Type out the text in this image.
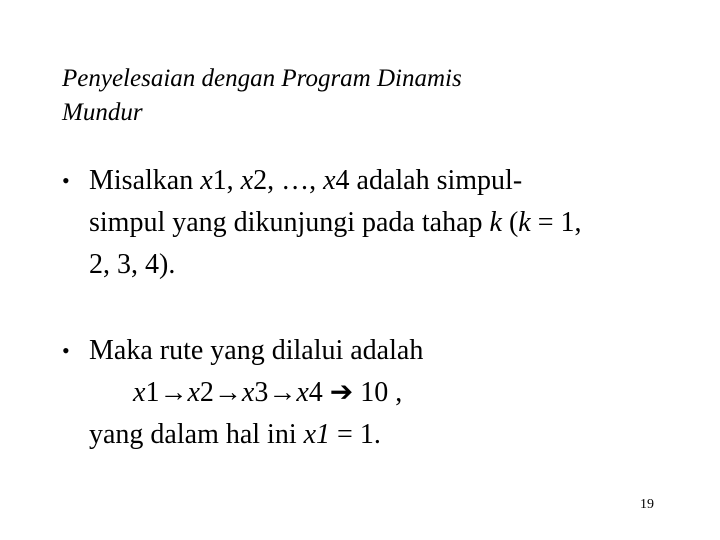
Penyelesaian dengan Program Dinamis
Mundur
• Misalkan x1, x2, …, x4 adalah simpul-
simpul yang dikunjungi pada tahap k (k = 1,
2, 3, 4).
• Maka rute yang dilalui adalah
x1→x2→x3→x4 ➔ 10 ,
yang dalam hal ini x1 = 1.
19
